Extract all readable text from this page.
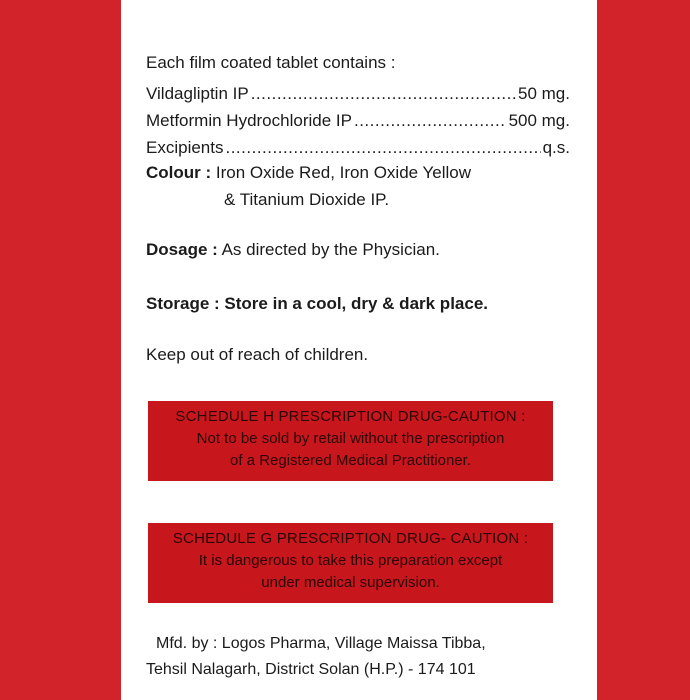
Each film coated tablet contains :
Vildagliptin IP .....	50 mg.
Metformin Hydrochloride IP .....	500 mg.
Excipients .....	q.s.
Colour : Iron Oxide Red, Iron Oxide Yellow
& Titanium Dioxide IP.
Dosage : As directed by the Physician.
Storage : Store in a cool, dry & dark place.
Keep out of reach of children.
SCHEDULE H PRESCRIPTION DRUG-CAUTION :
Not to be sold by retail without the prescription
of a Registered Medical Practitioner.
SCHEDULE G PRESCRIPTION DRUG- CAUTION :
It is dangerous to take this preparation except
under medical supervision.
Mfd. by : Logos Pharma, Village Maissa Tibba,
Tehsil Nalagarh, District Solan (H.P.) - 174 101
